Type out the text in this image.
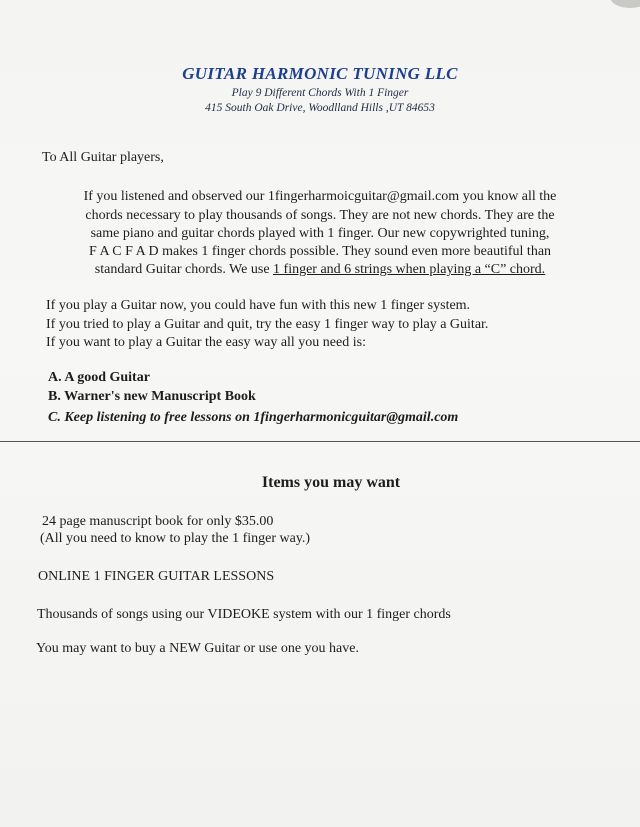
GUITAR HARMONIC TUNING LLC
Play 9 Different Chords With 1 Finger
415 South Oak Drive, Woodlland Hills ,UT 84653
To All Guitar players,
If you listened and observed our 1fingerharmoicguitar@gmail.com you know all the
chords necessary to play thousands of songs. They are not new chords. They are the
same piano and guitar chords played with 1 finger. Our new copywrighted tuning,
F A C F A D makes 1 finger chords possible. They sound even more beautiful than
standard Guitar chords. We use 1 finger and 6 strings when playing a “C” chord.
If you play a Guitar now, you could have fun with this new 1 finger system.
If you tried to play a Guitar and quit, try the easy 1 finger way to play a Guitar.
If you want to play a Guitar the easy way all you need is:
A. A good Guitar
B. Warner's new Manuscript Book
C. Keep listening to free lessons on 1fingerharmonicguitar@gmail.com
Items you may want
24 page manuscript book for only $35.00
(All you need to know to play the 1 finger way.)
ONLINE 1 FINGER GUITAR LESSONS
Thousands of songs using our VIDEOKE system with our 1 finger chords
You may want to buy a NEW Guitar or use one you have.
